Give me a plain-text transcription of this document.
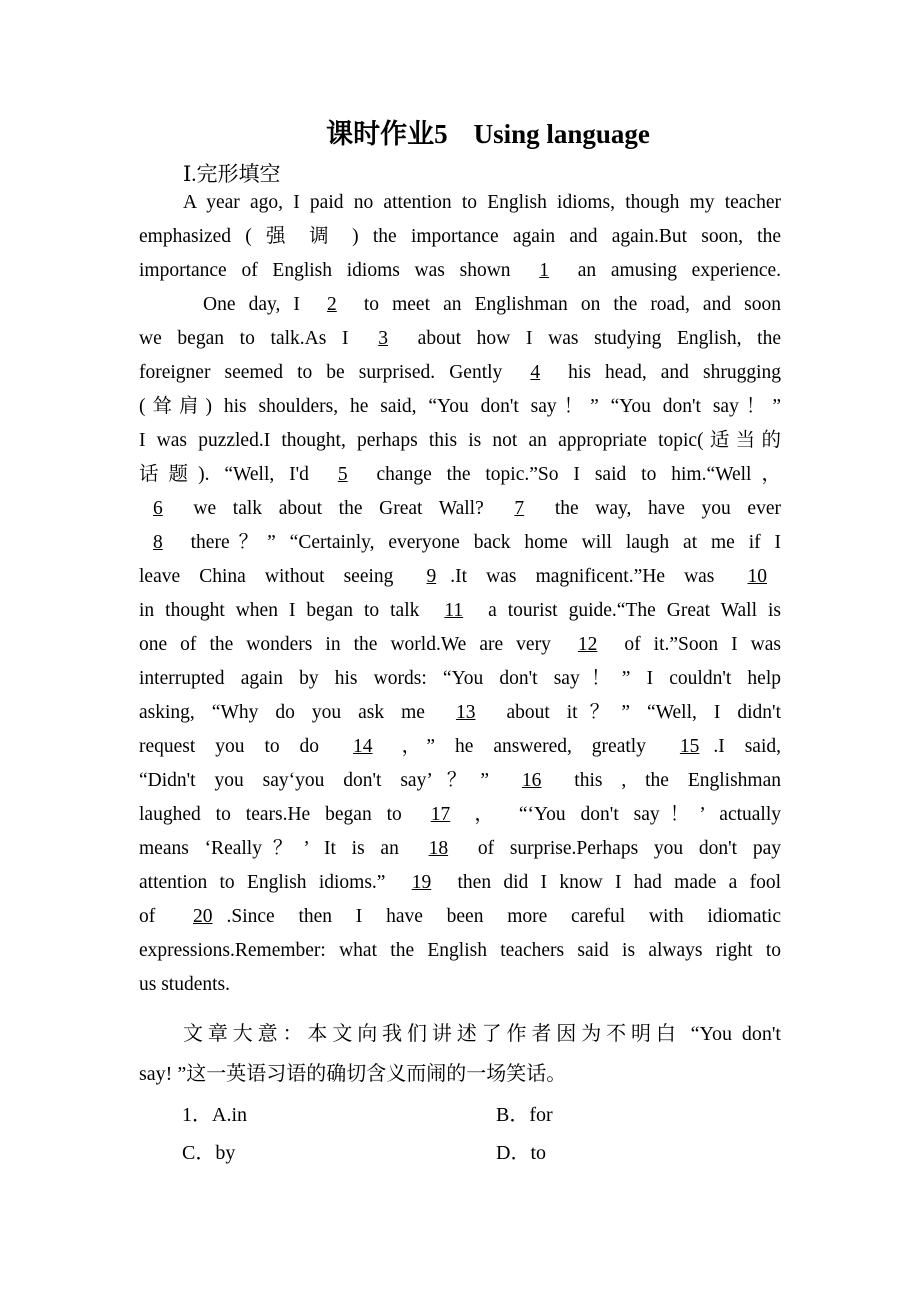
课时作业5 Using language
Ⅰ.完形填空
A year ago, I paid no attention to English idioms, though my teacher
emphasized ( 强 调 ) the importance again and again.But soon, the
importance of English idioms was shown 1 an amusing experience.
One day, I 2 to meet an Englishman on the road, and soon
we began to talk.As I 3 about how I was studying English, the
foreigner seemed to be surprised. Gently 4 his head, and shrugging
(耸肩) his shoulders, he said, “You don't say！” “You don't say！”
I was puzzled.I thought, perhaps this is not an appropriate topic(适当的
话题). “Well, I'd 5 change the topic.”So I said to him.“Well，
6 we talk about the Great Wall? 7 the way, have you ever
8 there？” “Certainly, everyone back home will laugh at me if I
leave China without seeing 9 .It was magnificent.”He was 10
in thought when I began to talk 11 a tourist guide.“The Great Wall is
one of the wonders in the world.We are very 12 of it.”Soon I was
interrupted again by his words: “You don't say！” I couldn't help
asking, “Why do you ask me 13 about it？” “Well, I didn't
request you to do 14 ，” he answered, greatly 15 .I said,
“Didn't you say‘you don't say’？” 16 this , the Englishman
laughed to tears.He began to 17 ， “‘You don't say！’ actually
means ‘Really？’ It is an 18 of surprise.Perhaps you don't pay
attention to English idioms.” 19 then did I know I had made a fool
of 20 .Since then I have been more careful with idiomatic
expressions.Remember: what the English teachers said is always right to
us students.
文章大意：本文向我们讲述了作者因为不明白 “You don't
say! ”这一英语习语的确切含义而闹的一场笑话。
1．A.in	B．for
C．by	D．to
